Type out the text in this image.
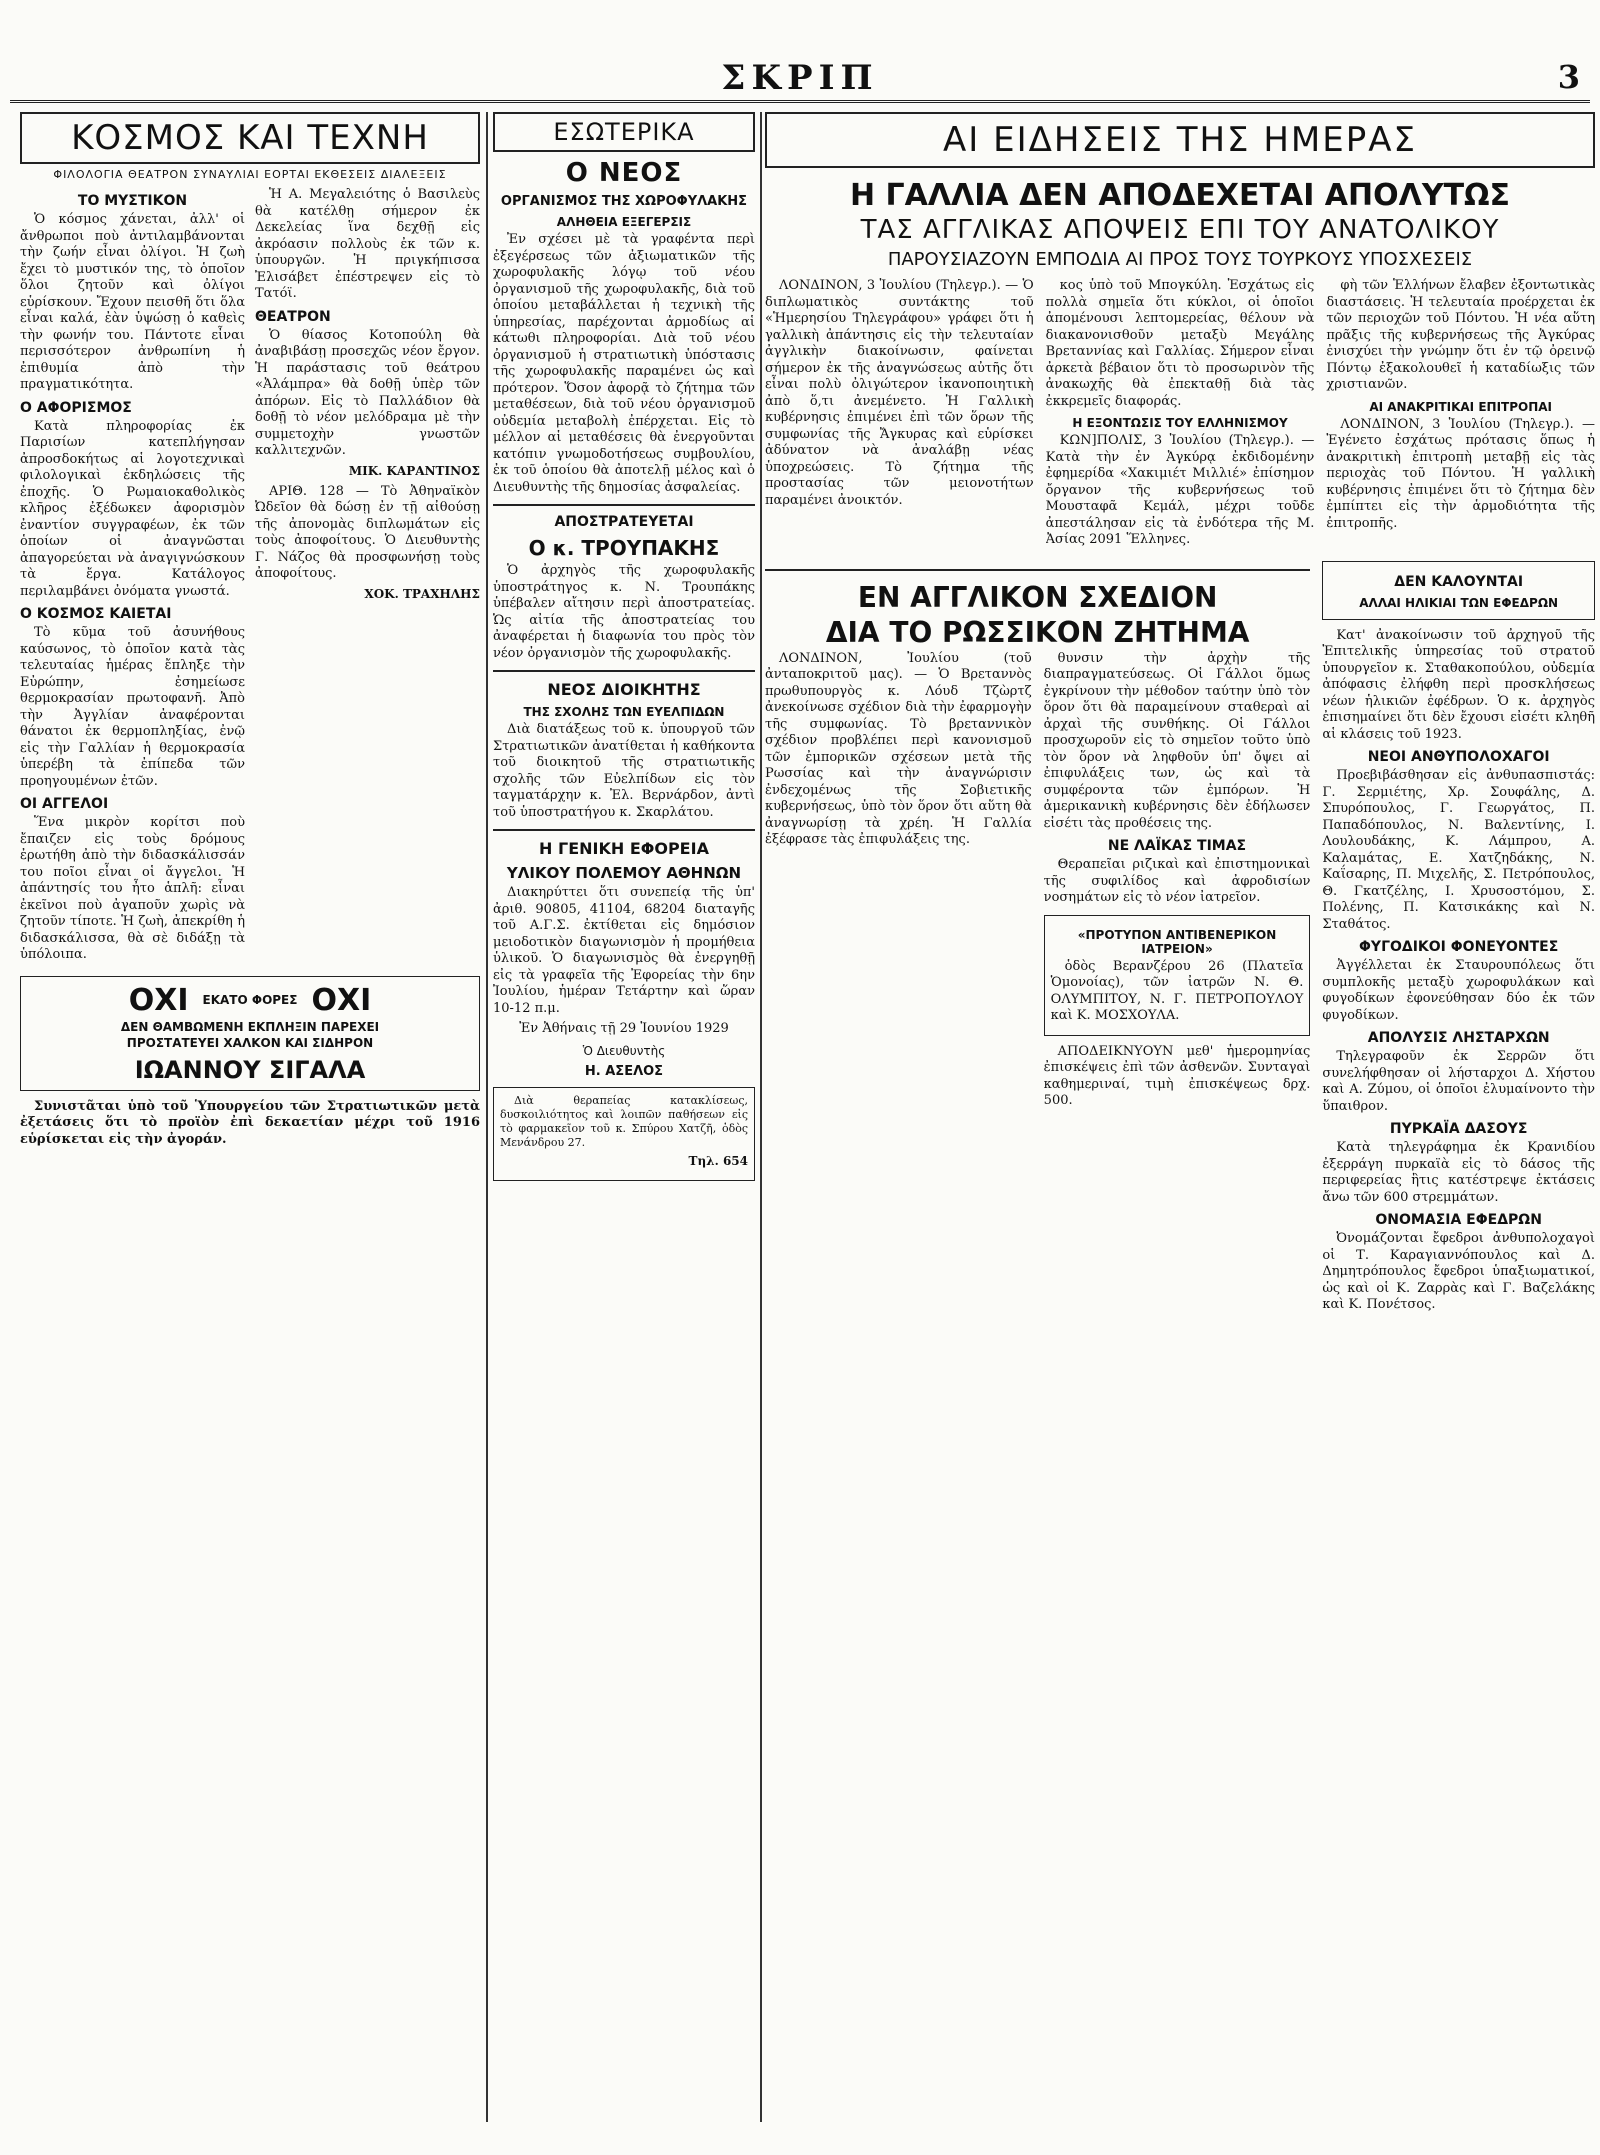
ΣΚΡΙΠ	3
ΚΟΣΜΟΣ ΚΑΙ ΤΕΧΝΗ
ΦΙΛΟΛΟΓΙΑ ΘΕΑΤΡΟΝ ΣΥΝΑΥΛΙΑΙ ΕΟΡΤΑΙ ΕΚΘΕΣΕΙΣ ΔΙΑΛΕΞΕΙΣ
ΤΟ ΜΥΣΤΙΚΟΝ

Ὁ κόσμος χάνεται, ἀλλ' οἱ ἄνθρωποι ποὺ ἀντιλαμβάνονται τὴν ζωήν εἶναι ὀλίγοι. Ἡ ζωὴ ἔχει τὸ μυστικόν της, τὸ ὁποῖον ὅλοι ζητοῦν καὶ ὀλίγοι εὑρίσκουν. Ἔχουν πεισθῆ ὅτι ὅλα εἶναι καλά, ἐὰν ὑψώσῃ ὁ καθεὶς τὴν φωνήν του. Πάντοτε εἶναι περισσότερον ἀνθρωπίνη ἡ ἐπιθυμία ἀπὸ τὴν πραγματικότητα.

Ο ΑΦΟΡΙΣΜΟΣ

Κατὰ πληροφορίας ἐκ Παρισίων κατεπλήγησαν ἀπροσδοκήτως αἱ λογοτεχνικαὶ φιλολογικαὶ ἐκδηλώσεις τῆς ἐποχῆς. Ὁ Ρωμαιοκαθολικὸς κλῆρος ἐξέδωκεν ἀφορισμὸν ἐναντίον συγγραφέων, ἐκ τῶν ὁποίων οἱ ἀναγνῶσται ἀπαγορεύεται νὰ ἀναγιγνώσκουν τὰ ἔργα. Κατάλογος περιλαμβάνει ὀνόματα γνωστά.

Ο ΚΟΣΜΟΣ ΚΑΙΕΤΑΙ

Τὸ κῦμα τοῦ ἀσυνήθους καύσωνος, τὸ ὁποῖον κατὰ τὰς τελευταίας ἡμέρας ἔπληξε τὴν Εὐρώπην, ἐσημείωσε θερμοκρασίαν πρωτοφανῆ. Ἀπὸ τὴν Ἀγγλίαν ἀναφέρονται θάνατοι ἐκ θερμοπληξίας, ἐνῷ εἰς τὴν Γαλλίαν ἡ θερμοκρασία ὑπερέβη τὰ ἐπίπεδα τῶν προηγουμένων ἐτῶν.

ΟΙ ΑΓΓΕΛΟΙ

Ἕνα μικρὸν κορίτσι ποὺ ἔπαιζεν εἰς τοὺς δρόμους ἐρωτήθη ἀπὸ τὴν διδασκάλισσάν του ποῖοι εἶναι οἱ ἄγγελοι. Ἡ ἀπάντησίς του ἦτο ἁπλῆ: εἶναι ἐκεῖνοι ποὺ ἀγαποῦν χωρὶς νὰ ζητοῦν τίποτε. Ἡ ζωὴ, ἀπεκρίθη ἡ διδασκάλισσα, θὰ σὲ διδάξῃ τὰ ὑπόλοιπα.

Ἡ Α. Μεγαλειότης ὁ Βασιλεὺς θὰ κατέλθῃ σήμερον ἐκ Δεκελείας ἵνα δεχθῇ εἰς ἀκρόασιν πολλοὺς ἐκ τῶν κ. ὑπουργῶν. Ἡ πριγκήπισσα Ἐλισάβετ ἐπέστρεψεν εἰς τὸ Τατόϊ.

ΘΕΑΤΡΟΝ

Ὁ θίασος Κοτοπούλη θὰ ἀναβιβάσῃ προσεχῶς νέον ἔργον. Ἡ παράστασις τοῦ θεάτρου «Ἀλάμπρα» θὰ δοθῇ ὑπὲρ τῶν ἀπόρων. Εἰς τὸ Παλλάδιον θὰ δοθῇ τὸ νέον μελόδραμα μὲ τὴν συμμετοχὴν γνωστῶν καλλιτεχνῶν.

ΜΙΚ. ΚΑΡΑΝΤΙΝΟΣ

ΑΡΙΘ. 128 — Τὸ Ἀθηναϊκὸν Ὠδεῖον θὰ δώσῃ ἐν τῇ αἰθούσῃ τῆς ἀπονομὰς διπλωμάτων εἰς τοὺς ἀποφοίτους. Ὁ Διευθυντὴς Γ. Νάζος θὰ προσφωνήσῃ τοὺς ἀποφοίτους.

ΧΟΚ. ΤΡΑΧΗΛΗΣ
ΟΧΙ ΕΚΑΤΟ ΦΟΡΕΣ ΟΧΙ
ΔΕΝ ΘΑΜΒΩΜΕΝΗ ΕΚΠΛΗΞΙΝ ΠΑΡΕΧΕΙ
ΠΡΟΣΤΑΤΕΥΕΙ ΧΑΛΚΟΝ ΚΑΙ ΣΙΔΗΡΟΝ
ΙΩΑΝΝΟΥ ΣΙΓΑΛΑ

Συνιστᾶται ὑπὸ τοῦ Ὑπουργείου τῶν Στρατιωτικῶν μετὰ ἐξετάσεις ὅτι τὸ προϊὸν ἐπὶ δεκαετίαν μέχρι τοῦ 1916 εὑρίσκεται εἰς τὴν ἀγοράν.

ΕΣΩΤΕΡΙΚΑ
Ο ΝΕΟΣ
ΟΡΓΑΝΙΣΜΟΣ ΤΗΣ ΧΩΡΟΦΥΛΑΚΗΣ
ΑΛΗΘΕΙΑ ΕΞΕΓΕΡΣΙΣ

Ἐν σχέσει μὲ τὰ γραφέντα περὶ ἐξεγέρσεως τῶν ἀξιωματικῶν τῆς χωροφυλακῆς λόγῳ τοῦ νέου ὀργανισμοῦ τῆς χωροφυλακῆς, διὰ τοῦ ὁποίου μεταβάλλεται ἡ τεχνικὴ τῆς ὑπηρεσίας, παρέχονται ἀρμοδίως αἱ κάτωθι πληροφορίαι. Διὰ τοῦ νέου ὀργανισμοῦ ἡ στρατιωτικὴ ὑπόστασις τῆς χωροφυλακῆς παραμένει ὡς καὶ πρότερον. Ὅσον ἀφορᾷ τὸ ζήτημα τῶν μεταθέσεων, διὰ τοῦ νέου ὀργανισμοῦ οὐδεμία μεταβολὴ ἐπέρχεται. Εἰς τὸ μέλλον αἱ μεταθέσεις θὰ ἐνεργοῦνται κατόπιν γνωμοδοτήσεως συμβουλίου, ἐκ τοῦ ὁποίου θὰ ἀποτελῇ μέλος καὶ ὁ Διευθυντὴς τῆς δημοσίας ἀσφαλείας.

ΑΠΟΣΤΡΑΤΕΥΕΤΑΙ
Ο κ. ΤΡΟΥΠΑΚΗΣ

Ὁ ἀρχηγὸς τῆς χωροφυλακῆς ὑποστράτηγος κ. Ν. Τρουπάκης ὑπέβαλεν αἴτησιν περὶ ἀποστρατείας. Ὡς αἰτία τῆς ἀποστρατείας του ἀναφέρεται ἡ διαφωνία του πρὸς τὸν νέον ὀργανισμὸν τῆς χωροφυλακῆς.

ΝΕΟΣ ΔΙΟΙΚΗΤΗΣ
ΤΗΣ ΣΧΟΛΗΣ ΤΩΝ ΕΥΕΛΠΙΔΩΝ

Διὰ διατάξεως τοῦ κ. ὑπουργοῦ τῶν Στρατιωτικῶν ἀνατίθεται ἡ καθήκοντα τοῦ διοικητοῦ τῆς στρατιωτικῆς σχολῆς τῶν Εὐελπίδων εἰς τὸν ταγματάρχην κ. Ἐλ. Βερνάρδον, ἀντὶ τοῦ ὑποστρατήγου κ. Σκαρλάτου.

Η ΓΕΝΙΚΗ ΕΦΟΡΕΙΑ
ΥΛΙΚΟΥ ΠΟΛΕΜΟΥ ΑΘΗΝΩΝ

Διακηρύττει ὅτι συνεπείᾳ τῆς ὑπ' ἀριθ. 90805, 41104, 68204 διαταγῆς τοῦ Α.Γ.Σ. ἐκτίθεται εἰς δημόσιον μειοδοτικὸν διαγωνισμὸν ἡ προμήθεια ὑλικοῦ. Ὁ διαγωνισμὸς θὰ ἐνεργηθῇ εἰς τὰ γραφεῖα τῆς Ἐφορείας τὴν 6ην Ἰουλίου, ἡμέραν Τετάρτην καὶ ὥραν 10-12 π.μ.

Ἐν Ἀθήναις τῇ 29 Ἰουνίου 1929

Ὁ Διευθυντὴς
Η. ΑΣΕΛΟΣ

Διὰ θεραπείας κατακλίσεως, δυσκοιλιότητος καὶ λοιπῶν παθήσεων εἰς τὸ φαρμακεῖον τοῦ κ. Σπύρου Χατζῆ, ὁδὸς Μενάνδρου 27.

Τηλ. 654
ΑΙ ΕΙΔΗΣΕΙΣ ΤΗΣ ΗΜΕΡΑΣ
Η ΓΑΛΛΙΑ ΔΕΝ ΑΠΟΔΕΧΕΤΑΙ ΑΠΟΛΥΤΩΣ
ΤΑΣ ΑΓΓΛΙΚΑΣ ΑΠΟΨΕΙΣ ΕΠΙ ΤΟΥ ΑΝΑΤΟΛΙΚΟΥ
ΠΑΡΟΥΣΙΑΖΟΥΝ ΕΜΠΟΔΙΑ ΑΙ ΠΡΟΣ ΤΟΥΣ ΤΟΥΡΚΟΥΣ ΥΠΟΣΧΕΣΕΙΣ

ΛΟΝΔΙΝΟΝ, 3 Ἰουλίου (Τηλεγρ.). — Ὁ διπλωματικὸς συντάκτης τοῦ «Ἡμερησίου Τηλεγράφου» γράφει ὅτι ἡ γαλλικὴ ἀπάντησις εἰς τὴν τελευταίαν ἀγγλικὴν διακοίνωσιν, φαίνεται σήμερον ἐκ τῆς ἀναγνώσεως αὐτῆς ὅτι εἶναι πολὺ ὀλιγώτερον ἱκανοποιητικὴ ἀπὸ ὅ,τι ἀνεμένετο. Ἡ Γαλλικὴ κυβέρνησις ἐπιμένει ἐπὶ τῶν ὅρων τῆς συμφωνίας τῆς Ἄγκυρας καὶ εὑρίσκει ἀδύνατον νὰ ἀναλάβῃ νέας ὑποχρεώσεις. Τὸ ζήτημα τῆς προστασίας τῶν μειονοτήτων παραμένει ἀνοικτόν.

κος ὑπὸ τοῦ Μπογκύλη. Ἐσχάτως εἰς πολλὰ σημεῖα ὅτι κύκλοι, οἱ ὁποῖοι ἀπομένουσι λεπτομερείας, θέλουν νὰ διακανονισθοῦν μεταξὺ Μεγάλης Βρεταννίας καὶ Γαλλίας. Σήμερον εἶναι ἀρκετὰ βέβαιον ὅτι τὸ προσωρινὸν τῆς ἀνακωχῆς θὰ ἐπεκταθῇ διὰ τὰς ἐκκρεμεῖς διαφοράς.

Η ΕΞΟΝΤΩΣΙΣ ΤΟΥ ΕΛΛΗΝΙΣΜΟΥ

ΚΩΝ]ΠΟΛΙΣ, 3 Ἰουλίου (Τηλεγρ.). — Κατὰ τὴν ἐν Ἀγκύρᾳ ἐκδιδομένην ἐφημερίδα «Χακιμιέτ Μιλλιέ» ἐπίσημον ὄργανον τῆς κυβερνήσεως τοῦ Μουσταφᾶ Κεμάλ, μέχρι τοῦδε ἀπεστάλησαν εἰς τὰ ἐνδότερα τῆς Μ. Ἀσίας 2091 Ἕλληνες.

φὴ τῶν Ἑλλήνων ἔλαβεν ἐξοντωτικὰς διαστάσεις. Ἡ τελευταία προέρχεται ἐκ τῶν περιοχῶν τοῦ Πόντου. Ἡ νέα αὕτη πρᾶξις τῆς κυβερνήσεως τῆς Ἀγκύρας ἐνισχύει τὴν γνώμην ὅτι ἐν τῷ ὀρεινῷ Πόντῳ ἐξακολουθεῖ ἡ καταδίωξις τῶν χριστιανῶν.

ΑΙ ΑΝΑΚΡΙΤΙΚΑΙ ΕΠΙΤΡΟΠΑΙ

ΛΟΝΔΙΝΟΝ, 3 Ἰουλίου (Τηλεγρ.). — Ἐγένετο ἐσχάτως πρότασις ὅπως ἡ ἀνακριτικὴ ἐπιτροπὴ μεταβῇ εἰς τὰς περιοχὰς τοῦ Πόντου. Ἡ γαλλικὴ κυβέρνησις ἐπιμένει ὅτι τὸ ζήτημα δὲν ἐμπίπτει εἰς τὴν ἁρμοδιότητα τῆς ἐπιτροπῆς.

ΕΝ ΑΓΓΛΙΚΟΝ ΣΧΕΔΙΟΝ
ΔΙΑ ΤΟ ΡΩΣΣΙΚΟΝ ΖΗΤΗΜΑ

ΛΟΝΔΙΝΟΝ, Ἰουλίου (τοῦ ἀνταποκριτοῦ μας). — Ὁ Βρεταννὸς πρωθυπουργὸς κ. Λόυδ Τζὼρτζ ἀνεκοίνωσε σχέδιον διὰ τὴν ἐφαρμογὴν τῆς συμφωνίας. Τὸ βρεταννικὸν σχέδιον προβλέπει περὶ κανονισμοῦ τῶν ἐμπορικῶν σχέσεων μετὰ τῆς Ρωσσίας καὶ τὴν ἀναγνώρισιν ἐνδεχομένως τῆς Σοβιετικῆς κυβερνήσεως, ὑπὸ τὸν ὅρον ὅτι αὕτη θὰ ἀναγνωρίσῃ τὰ χρέη. Ἡ Γαλλία ἐξέφρασε τὰς ἐπιφυλάξεις της.

θυνσιν τὴν ἀρχὴν τῆς διαπραγματεύσεως. Οἱ Γάλλοι ὅμως ἐγκρίνουν τὴν μέθοδον ταύτην ὑπὸ τὸν ὅρον ὅτι θὰ παραμείνουν σταθεραὶ αἱ ἀρχαὶ τῆς συνθήκης. Οἱ Γάλλοι προσχωροῦν εἰς τὸ σημεῖον τοῦτο ὑπὸ τὸν ὅρον νὰ ληφθοῦν ὑπ' ὄψει αἱ ἐπιφυλάξεις των, ὡς καὶ τὰ συμφέροντα τῶν ἐμπόρων. Ἡ ἀμερικανικὴ κυβέρνησις δὲν ἐδήλωσεν εἰσέτι τὰς προθέσεις της.

ΝΕ ΛΑΪΚΑΣ ΤΙΜΑΣ

Θεραπεῖαι ριζικαὶ καὶ ἐπιστημονικαὶ τῆς συφιλίδος καὶ ἀφροδισίων νοσημάτων εἰς τὸ νέον ἰατρεῖον.

«ΠΡΟΤΥΠΟΝ ΑΝΤΙΒΕΝΕΡΙΚΟΝ ΙΑΤΡΕΙΟΝ»

ὁδὸς Βερανζέρου 26 (Πλατεῖα Ὁμονοίας), τῶν ἰατρῶν Ν. Θ. ΟΛΥΜΠΙΤΟΥ, Ν. Γ. ΠΕΤΡΟΠΟΥΛΟΥ καὶ Κ. ΜΟΣΧΟΥΛΑ.

ΑΠΟΔΕΙΚΝΥΟΥΝ μεθ' ἡμερομηνίας ἐπισκέψεις ἐπὶ τῶν ἀσθενῶν. Συνταγαὶ καθημεριναί, τιμὴ ἐπισκέψεως δρχ. 500.

ΔΕΝ ΚΑΛΟΥΝΤΑΙ
ΑΛΛΑΙ ΗΛΙΚΙΑΙ ΤΩΝ ΕΦΕΔΡΩΝ

Κατ' ἀνακοίνωσιν τοῦ ἀρχηγοῦ τῆς Ἐπιτελικῆς ὑπηρεσίας τοῦ στρατοῦ ὑπουργεῖον κ. Σταθακοπούλου, οὐδεμία ἀπόφασις ἐλήφθη περὶ προσκλήσεως νέων ἡλικιῶν ἐφέδρων. Ὁ κ. ἀρχηγὸς ἐπισημαίνει ὅτι δὲν ἔχουσι εἰσέτι κληθῆ αἱ κλάσεις τοῦ 1923.

ΝΕΟΙ ΑΝΘΥΠΟΛΟΧΑΓΟΙ

Προεβιβάσθησαν εἰς ἀνθυπασπιστάς: Γ. Σερμιέτης, Χρ. Σουφάλης, Δ. Σπυρόπουλος, Γ. Γεωργάτος, Π. Παπαδόπουλος, Ν. Βαλεντίνης, Ι. Λουλουδάκης, Κ. Λάμπρου, Α. Καλαμάτας, Ε. Χατζηδάκης, Ν. Καΐσαρης, Π. Μιχελῆς, Σ. Πετρόπουλος, Θ. Γκατζέλης, Ι. Χρυσοστόμου, Σ. Πολένης, Π. Κατσικάκης καὶ Ν. Σταθάτος.

ΦΥΓΟΔΙΚΟΙ ΦΟΝΕΥΟΝΤΕΣ

Ἀγγέλλεται ἐκ Σταυρουπόλεως ὅτι συμπλοκῆς μεταξὺ χωροφυλάκων καὶ φυγοδίκων ἐφονεύθησαν δύο ἐκ τῶν φυγοδίκων.

ΑΠΟΛΥΣΙΣ ΛΗΣΤΑΡΧΩΝ

Τηλεγραφοῦν ἐκ Σερρῶν ὅτι συνελήφθησαν οἱ λήσταρχοι Δ. Χήστου καὶ Α. Ζύμου, οἱ ὁποῖοι ἐλυμαίνοντο τὴν ὕπαιθρον.

ΠΥΡΚΑΪΑ ΔΑΣΟΥΣ

Κατὰ τηλεγράφημα ἐκ Κρανιδίου ἐξερράγη πυρκαϊὰ εἰς τὸ δάσος τῆς περιφερείας ἣτις κατέστρεψε ἐκτάσεις ἄνω τῶν 600 στρεμμάτων.

ΟΝΟΜΑΣΙΑ ΕΦΕΔΡΩΝ

Ὀνομάζονται ἔφεδροι ἀνθυπολοχαγοὶ οἱ Τ. Καραγιαννόπουλος καὶ Δ. Δημητρόπουλος ἔφεδροι ὑπαξιωματικοί, ὡς καὶ οἱ Κ. Ζαρρὰς καὶ Γ. Βαζελάκης καὶ Κ. Πονέτσος.
